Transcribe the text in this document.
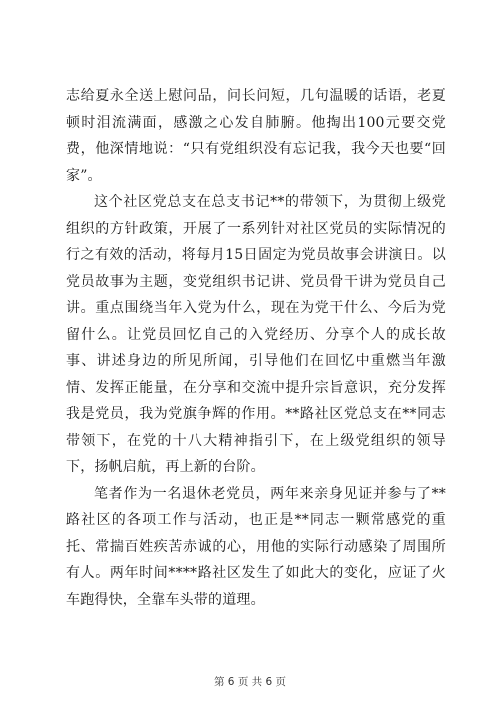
志给夏永全送上慰问品，问长问短，几句温暖的话语，老夏顿时泪流满面，感激之心发自肺腑。他掏出100元要交党费，他深情地说：“只有党组织没有忘记我，我今天也要“回家”。

这个社区党总支在总支书记**的带领下，为贯彻上级党组织的方针政策，开展了一系列针对社区党员的实际情况的行之有效的活动，将每月15日固定为党员故事会讲演日。以党员故事为主题，变党组织书记讲、党员骨干讲为党员自己讲。重点围绕当年入党为什么，现在为党干什么、今后为党留什么。让党员回忆自己的入党经历、分享个人的成长故事、讲述身边的所见所闻，引导他们在回忆中重燃当年激情、发挥正能量，在分享和交流中提升宗旨意识，充分发挥我是党员，我为党旗争辉的作用。**路社区党总支在**同志带领下，在党的十八大精神指引下，在上级党组织的领导下，扬帆启航，再上新的台阶。

笔者作为一名退休老党员，两年来亲身见证并参与了**路社区的各项工作与活动，也正是**同志一颗常感党的重托、常揣百姓疾苦赤诚的心，用他的实际行动感染了周围所有人。两年时间****路社区发生了如此大的变化，应证了火车跑得快，全靠车头带的道理。

第 6 页 共 6 页
